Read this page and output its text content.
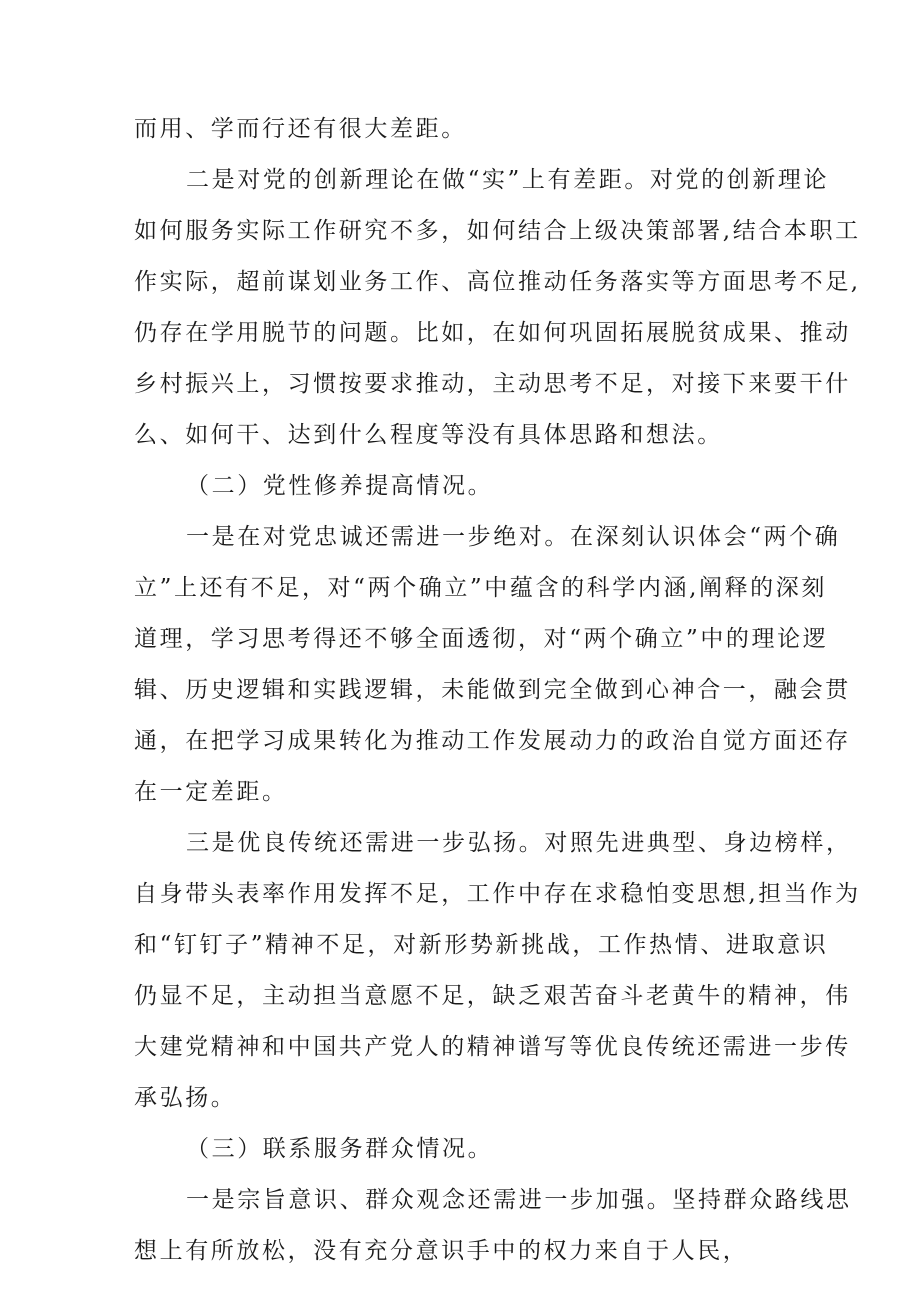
而用、学而行还有很大差距。
二是对党的创新理论在做“实”上有差距。对党的创新理论
如何服务实际工作研究不多，如何结合上级决策部署,结合本职工
作实际，超前谋划业务工作、高位推动任务落实等方面思考不足,
仍存在学用脱节的问题。比如，在如何巩固拓展脱贫成果、推动
乡村振兴上，习惯按要求推动，主动思考不足，对接下来要干什
么、如何干、达到什么程度等没有具体思路和想法。
（二）党性修养提高情况。
一是在对党忠诚还需进一步绝对。在深刻认识体会“两个确
立”上还有不足，对“两个确立”中蕴含的科学内涵,阐释的深刻
道理，学习思考得还不够全面透彻，对“两个确立”中的理论逻
辑、历史逻辑和实践逻辑，未能做到完全做到心神合一，融会贯
通，在把学习成果转化为推动工作发展动力的政治自觉方面还存
在一定差距。
三是优良传统还需进一步弘扬。对照先进典型、身边榜样，
自身带头表率作用发挥不足，工作中存在求稳怕变思想,担当作为
和“钉钉子”精神不足，对新形势新挑战，工作热情、进取意识
仍显不足，主动担当意愿不足，缺乏艰苦奋斗老黄牛的精神，伟
大建党精神和中国共产党人的精神谱写等优良传统还需进一步传
承弘扬。
（三）联系服务群众情况。
一是宗旨意识、群众观念还需进一步加强。坚持群众路线思
想上有所放松，没有充分意识手中的权力来自于人民，
